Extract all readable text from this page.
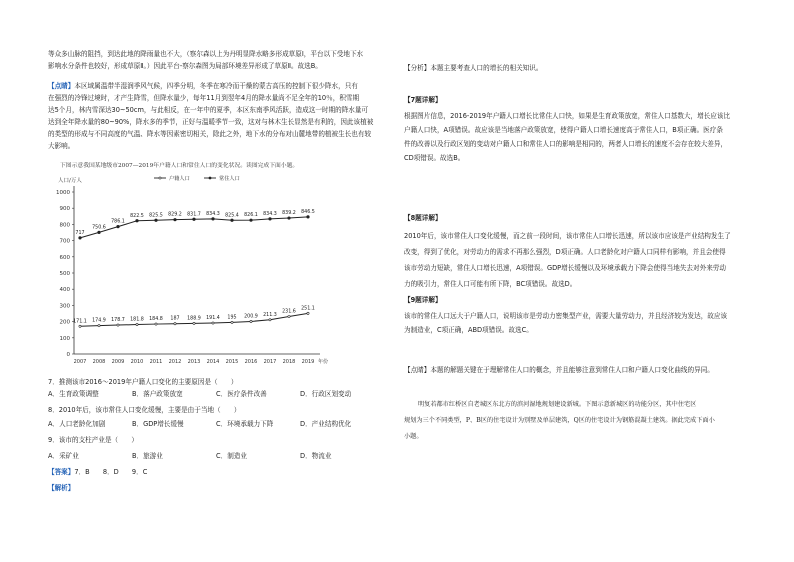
等众多山脉的阻挡，到达此地的降雨量也不大，（察尔森以上为丹明显降水略多形成草原Ⅰ，平台以下受地下水
影响水分条件也较好，形成草原Ⅱ。）因此平台-察尔森图为局部环境差异形成了草原Ⅱ。故选B。
【点睛】本区域属温带半湿润季风气候，四季分明，冬季在寒冷而干燥的蒙古高压的控制下很少降水，只有
在强烈的冷锋过境时，才产生降雪，但降水量少，每年11月到翌年4月的降水量尚不足全年的10％，积雪期
达5个月，林内雪深达30~50cm，与此相反，在一年中的夏季，本区东南季风活跃，造成这一时期的降水量可
达到全年降水量的80~90%，降水多的季节，正好与温暖季节一致，这对与林木生长显然是有利的，因此该植被
的类型的形成与不同高度的气温、降水等因素密切相关，除此之外，地下水的分布对山麓地带的植被生长也有较
大影响。
下图示意我国某地级市2007—2019年户籍人口和常住人口的变化状况。读图完成下面小题。
人口/万人
年份
0
100
200
300
400
500
600
700
800
900
1000
2007 2008 2009 2010 2011 2012 2013 2014 2015 2016 2017 2018 2019
171.1 174.9 178.7 181.8 184.8 187 188.9 191.4 195 200.9 211.3
231.6
251.1
717
750.6
786.1
822.5 825.5 829.2 831.7 834.3 825.4 826.1 834.3 839.2 846.5
户籍人口	常住人口
7．推测该市2016～2019年户籍人口变化的主要原因是（　　）
A．生育政策调整	B．落户政策放宽	C．医疗条件改善	D．行政区划变动
8．2010年后，该市常住人口变化缓慢，主要是由于当地（　　）
A．人口老龄化加剧	B．GDP增长缓慢	C．环境承载力下降	D．产业结构优化
9．该市的支柱产业是（　　）
A．采矿业	B．旅游业	C．制造业	D．物流业
【答案】7．B　　8．D　　9．C
【解析】
【分析】本题主要考查人口的增长的相关知识。
【7题详解】
根据图片信息，2016-2019年户籍人口增长比常住人口快，如果是生育政策放宽，常住人口基数大，增长应该比
户籍人口快，A项错误。故应该是当地落户政策放宽，使得户籍人口增长速度高于常住人口，B项正确。医疗条
件的改善以及行政区划的变动对户籍人口和常住人口的影响是相同的，两者人口增长的速度不会存在较大差异，
CD项错误。故选B。
【8题详解】
2010年后，该市常住人口变化缓慢，而之前一段时间，该市常住人口增长迅速，所以该市应该是产业结构发生了
改变，得到了优化，对劳动力的需求不再那么强烈，D项正确。人口老龄化对户籍人口同样有影响，并且会使得
该市劳动力短缺，常住人口增长迅速，A项错误。GDP增长缓慢以及环境承载力下降会使得当地失去对外来劳动
力的吸引力，常住人口可能有所下降，BC项错误。故选D。
【9题详解】
该市的常住人口远大于户籍人口，说明该市是劳动力密集型产业，需要大量劳动力，并且经济较为发达，故应该
为制造业，C项正确，ABD项错误。故选C。
【点睛】本题的解题关键在于理解常住人口的概念，并且能够注意到常住人口和户籍人口变化曲线的异同。
明复若都市红桥区自老城区东北方的滨河湿地规划建设新城。下图示意新城区的功能分区，其中住宅区
规划为三个不同类型，P、B区的住宅设计为别墅及单层建筑，Q区的住宅设计为钢筋混凝土建筑。据此完成下面小
小题。
